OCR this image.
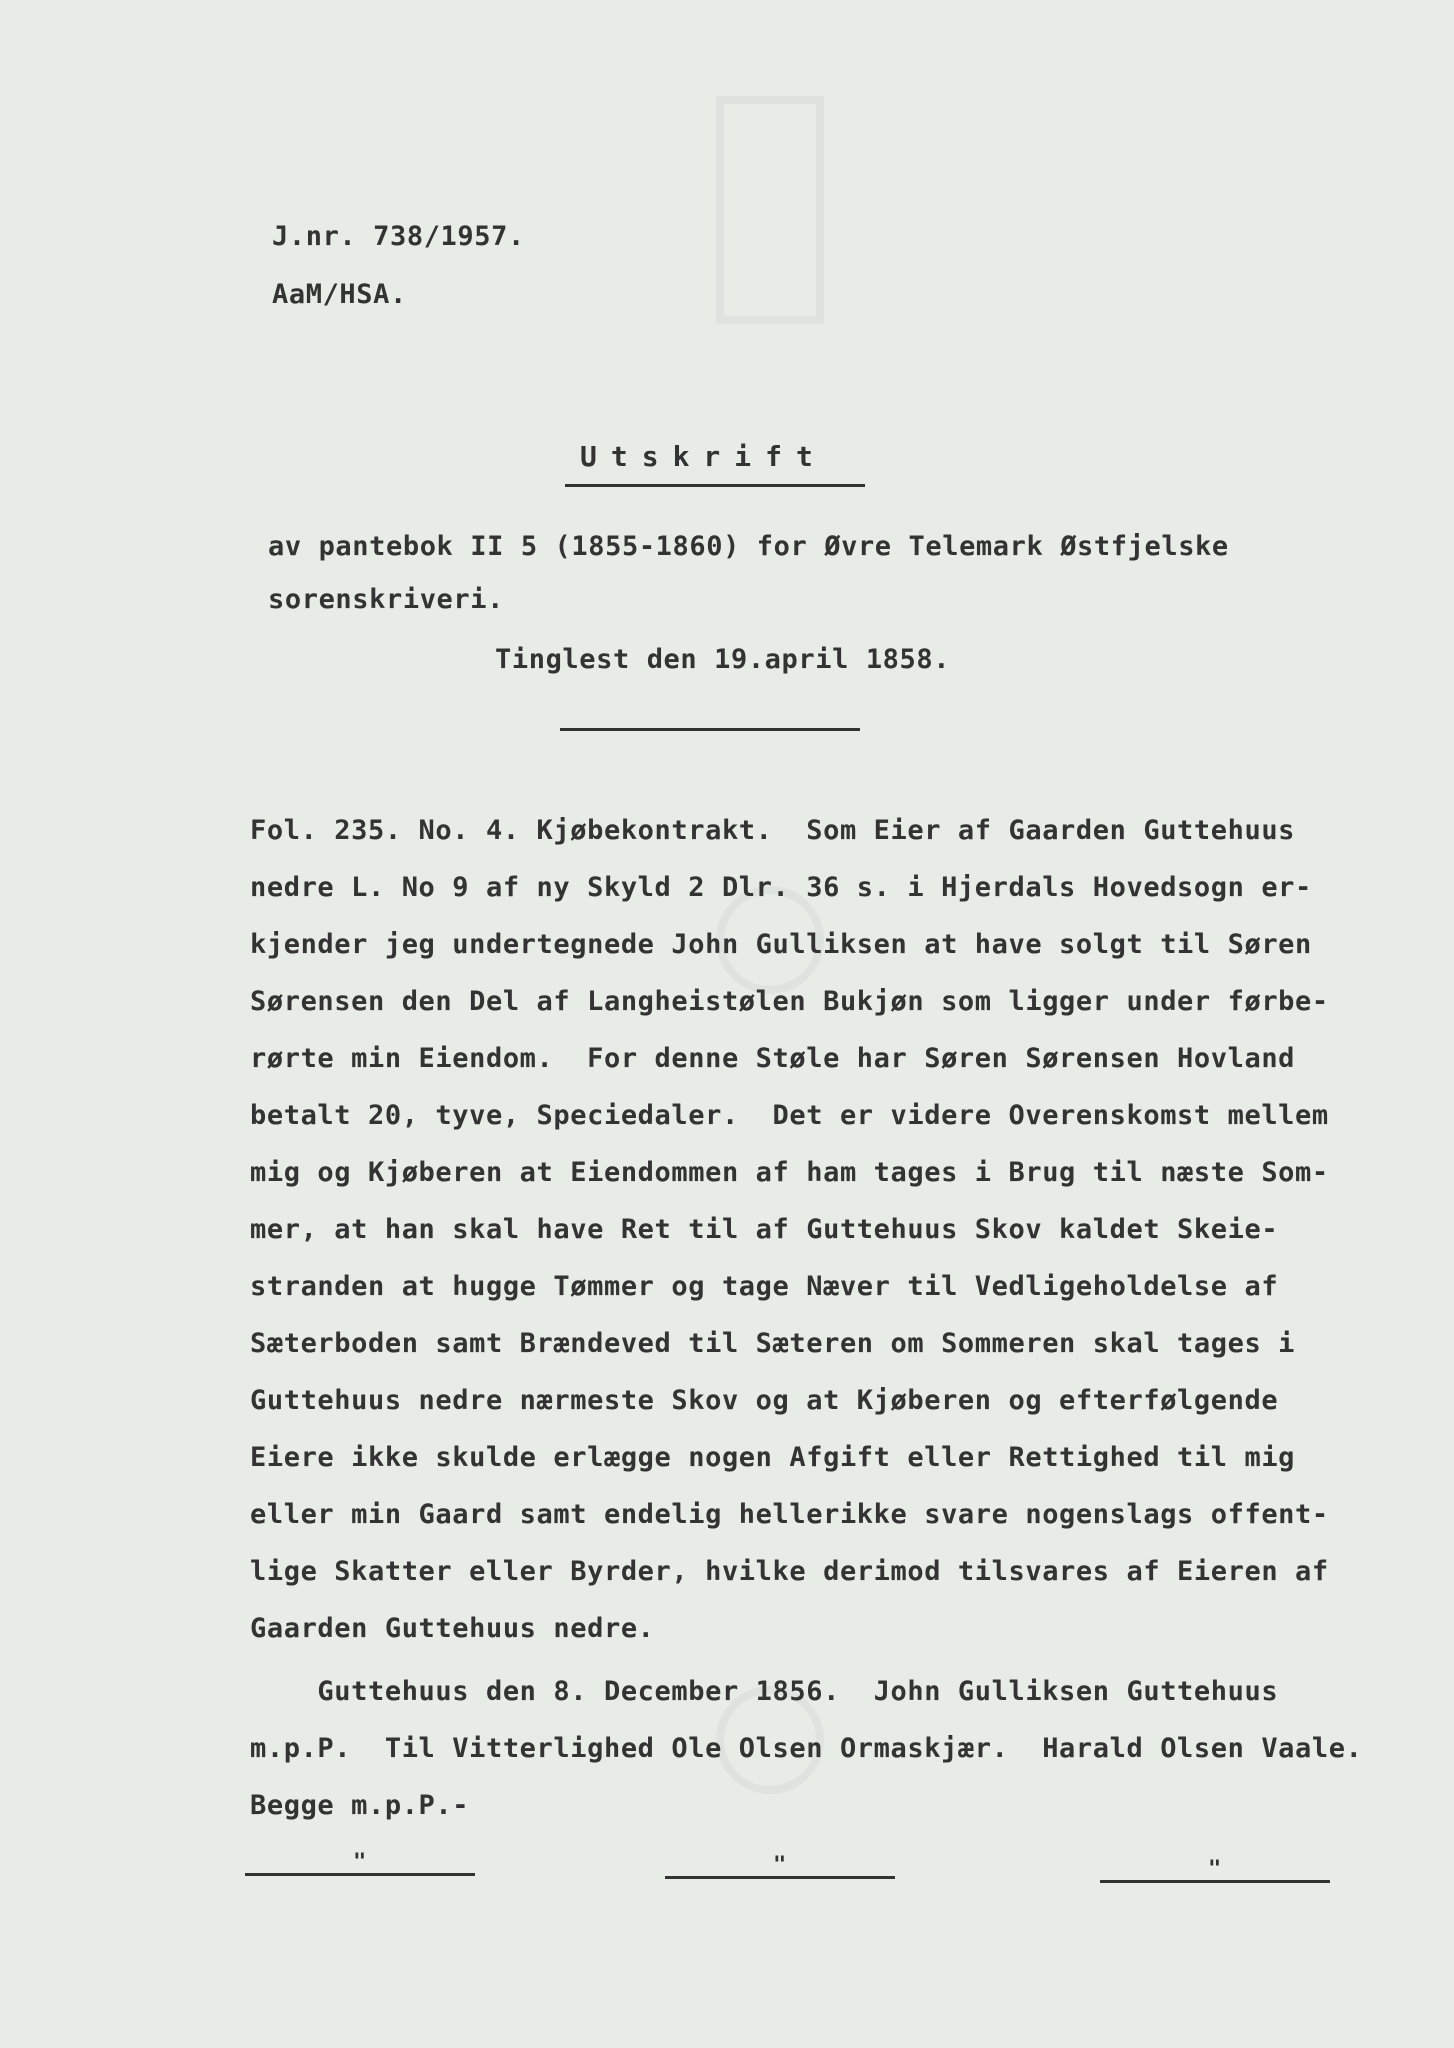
J.nr. 738/1957.
AaM/HSA.
Utskrift
av pantebok II 5 (1855-1860) for Øvre Telemark Østfjelske
sorenskriveri.
Tinglest den 19.april 1858.
Fol. 235. No. 4. Kjøbekontrakt.  Som Eier af Gaarden Guttehuus
nedre L. No 9 af ny Skyld 2 Dlr. 36 s. i Hjerdals Hovedsogn er-
kjender jeg undertegnede John Gulliksen at have solgt til Søren
Sørensen den Del af Langheistølen Bukjøn som ligger under førbe-
rørte min Eiendom.  For denne Støle har Søren Sørensen Hovland
betalt 20, tyve, Speciedaler.  Det er videre Overenskomst mellem
mig og Kjøberen at Eiendommen af ham tages i Brug til næste Som-
mer, at han skal have Ret til af Guttehuus Skov kaldet Skeie-
stranden at hugge Tømmer og tage Næver til Vedligeholdelse af
Sæterboden samt Brændeved til Sæteren om Sommeren skal tages i
Guttehuus nedre nærmeste Skov og at Kjøberen og efterfølgende
Eiere ikke skulde erlægge nogen Afgift eller Rettighed til mig
eller min Gaard samt endelig hellerikke svare nogenslags offent-
lige Skatter eller Byrder, hvilke derimod tilsvares af Eieren af
Gaarden Guttehuus nedre.
Guttehuus den 8. December 1856.  John Gulliksen Guttehuus
m.p.P.  Til Vitterlighed Ole Olsen Ormaskjær.  Harald Olsen Vaale.
Begge m.p.P.-
"	"	"
